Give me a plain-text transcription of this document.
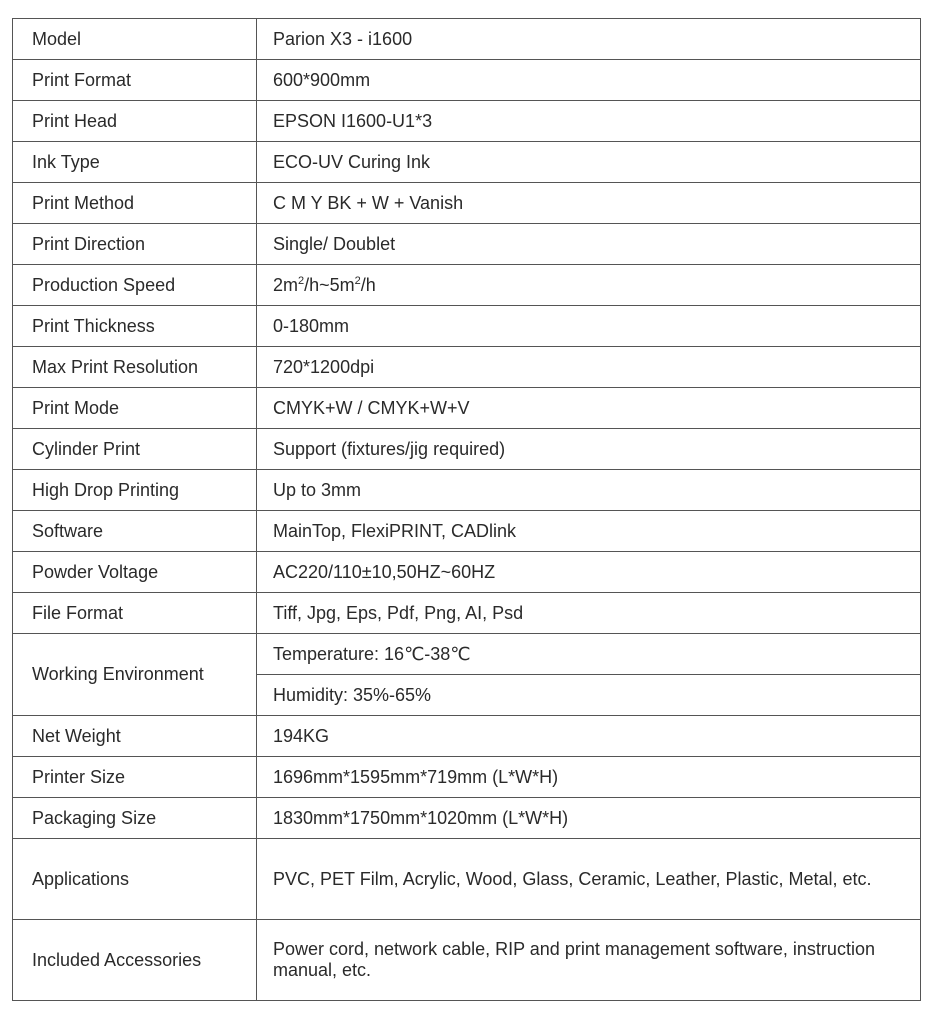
Model	Parion X3 - i1600
Print Format	600*900mm
Print Head	EPSON I1600-U1*3
Ink Type	ECO-UV Curing Ink
Print Method	C M Y BK + W + Vanish
Print Direction	Single/ Doublet
Production Speed	$2m^2/h\sim 5m^2/h$
Print Thickness	0-180mm
Max Print Resolution	720*1200dpi
Print Mode	CMYK+W / CMYK+W+V
Cylinder Print	Support (fixtures/jig required)
High Drop Printing	Up to 3mm
Software	MainTop, FlexiPRINT, CADlink
Powder Voltage	AC220/110±10,50HZ~60HZ
File Format	Tiff, Jpg, Eps, Pdf, Png, AI, Psd
Working Environment	Temperature: 16℃-38℃
	Humidity: 35%-65%
Net Weight	194KG
Printer Size	1696mm*1595mm*719mm (L*W*H)
Packaging Size	1830mm*1750mm*1020mm (L*W*H)
Applications	PVC, PET Film, Acrylic, Wood, Glass, Ceramic, Leather, Plastic, Metal, etc.
Included Accessories	Power cord, network cable, RIP and print management software, instruction manual, etc.
